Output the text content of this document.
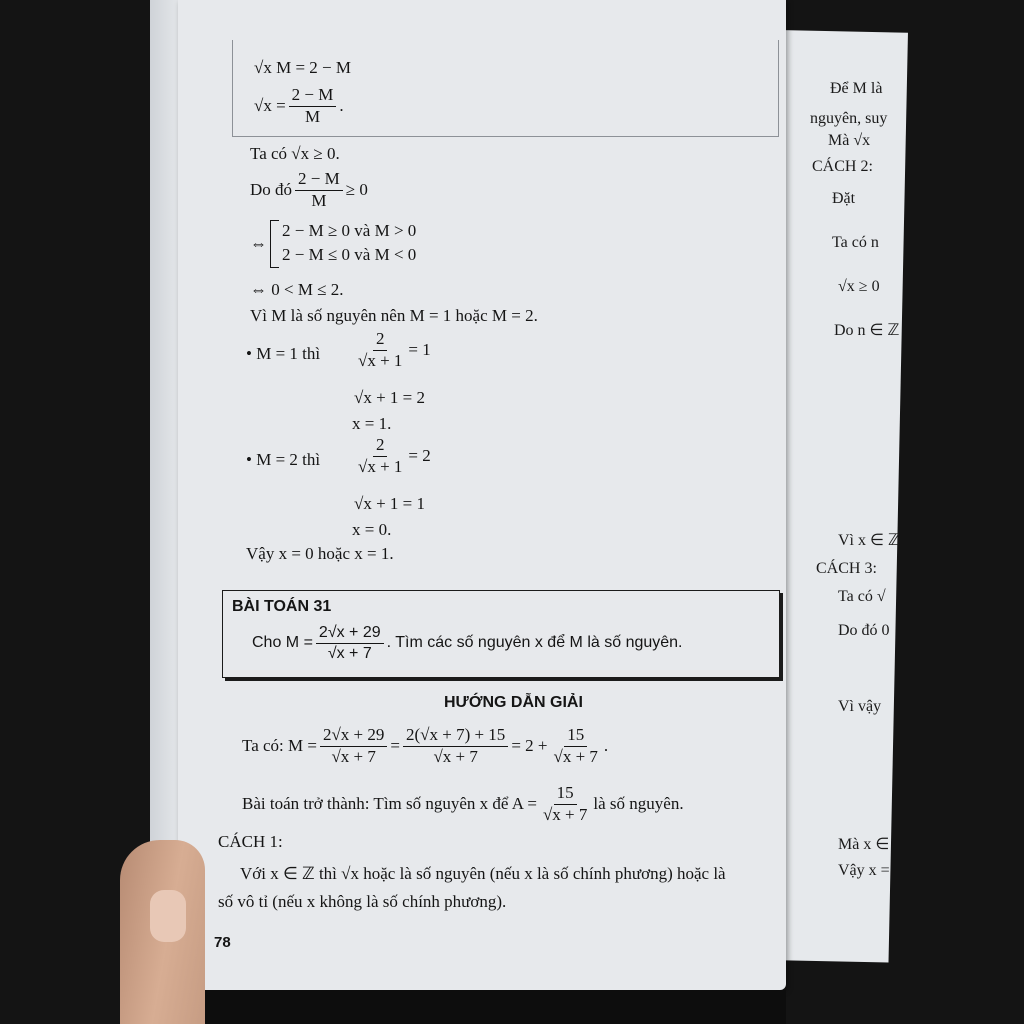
Để M là
nguyên, suy
Mà √x
CÁCH 2:
Đặt
Ta có n
√x ≥ 0
Do n ∈ ℤ
Vì x ∈ ℤ
CÁCH 3:
Ta có √
Do đó 0
Vì vậy
Mà x ∈
Vậy x =
√x M = 2 − M
$√x = \frac{2 - M}{M}$ .
Ta có √x ≥ 0.
Do đó $\frac{2 - M}{M} \ge 0$
⇔
2 − M ≥ 0 và M > 0
2 − M ≤ 0 và M < 0
⇔ 0 < M ≤ 2.
Vì M là số nguyên nên M = 1 hoặc M = 2.
• M = 1 thì $\frac{2}{√x + 1} = 1$
√x + 1 = 2
x = 1.
• M = 2 thì $\frac{2}{√x + 1} = 2$
√x + 1 = 1
x = 0.
Vậy x = 0 hoặc x = 1.
BÀI TOÁN 31
Cho $M = \frac{2√x + 29}{√x + 7}$ . Tìm các số nguyên x để M là số nguyên.
HƯỚNG DẪN GIẢI
Ta có: $M = \frac{2√x + 29}{√x + 7} = \frac{2(√x + 7) + 15}{√x + 7} = 2 + \frac{15}{√x + 7}$ .
Bài toán trở thành: Tìm số nguyên x để $A = \frac{15}{√x + 7}$ là số nguyên.
CÁCH 1:
Với x ∈ ℤ thì √x hoặc là số nguyên (nếu x là số chính phương) hoặc là
số vô tỉ (nếu x không là số chính phương).
78
